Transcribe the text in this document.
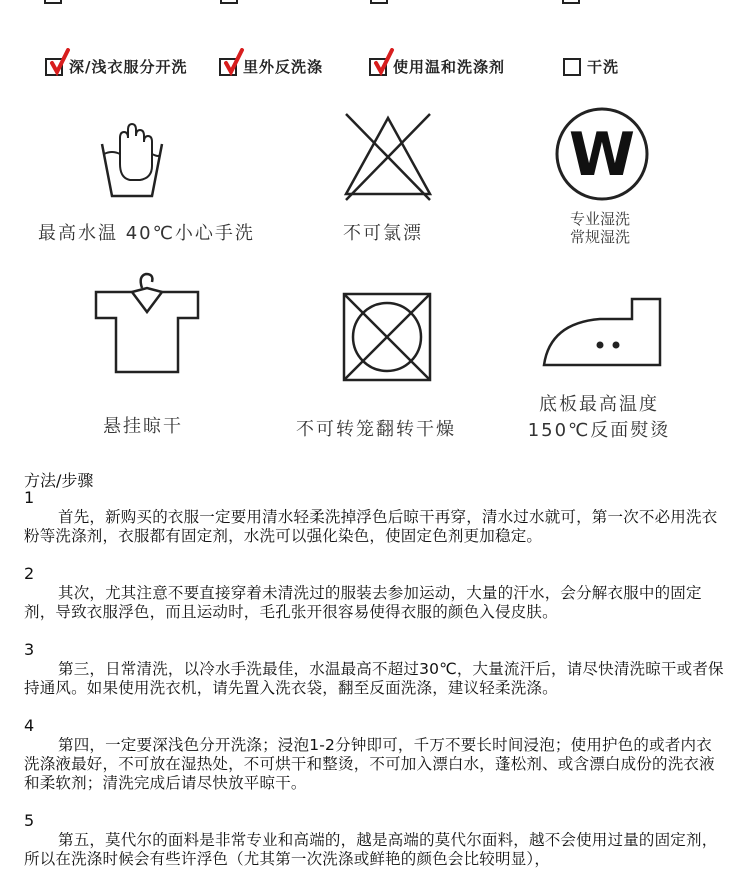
深/浅衣服分开洗	里外反洗涤	使用温和洗涤剂	干洗
最高水温 40℃小心手洗	不可氯漂
W
专业湿洗
常规湿洗
悬挂晾干	不可转笼翻转干燥
底板最高温度
150℃反面熨烫
方法/步骤
1
首先，新购买的衣服一定要用清水轻柔洗掉浮色后晾干再穿，清水过水就可，第一次不必用洗衣粉等洗涤剂，衣服都有固定剂，水洗可以强化染色，使固定色剂更加稳定。
2
其次，尤其注意不要直接穿着未清洗过的服装去参加运动，大量的汗水，会分解衣服中的固定剂，导致衣服浮色，而且运动时，毛孔张开很容易使得衣服的颜色入侵皮肤。
3
第三，日常清洗，以冷水手洗最佳，水温最高不超过30℃，大量流汗后，请尽快清洗晾干或者保持通风。如果使用洗衣机，请先置入洗衣袋，翻至反面洗涤，建议轻柔洗涤。
4
第四，一定要深浅色分开洗涤；浸泡1-2分钟即可，千万不要长时间浸泡；使用护色的或者内衣洗涤液最好，不可放在湿热处，不可烘干和整烫，不可加入漂白水，蓬松剂、或含漂白成份的洗衣液和柔软剂；清洗完成后请尽快放平晾干。
5
第五，莫代尔的面料是非常专业和高端的，越是高端的莫代尔面料，越不会使用过量的固定剂，所以在洗涤时候会有些许浮色（尤其第一次洗涤或鲜艳的颜色会比较明显），
